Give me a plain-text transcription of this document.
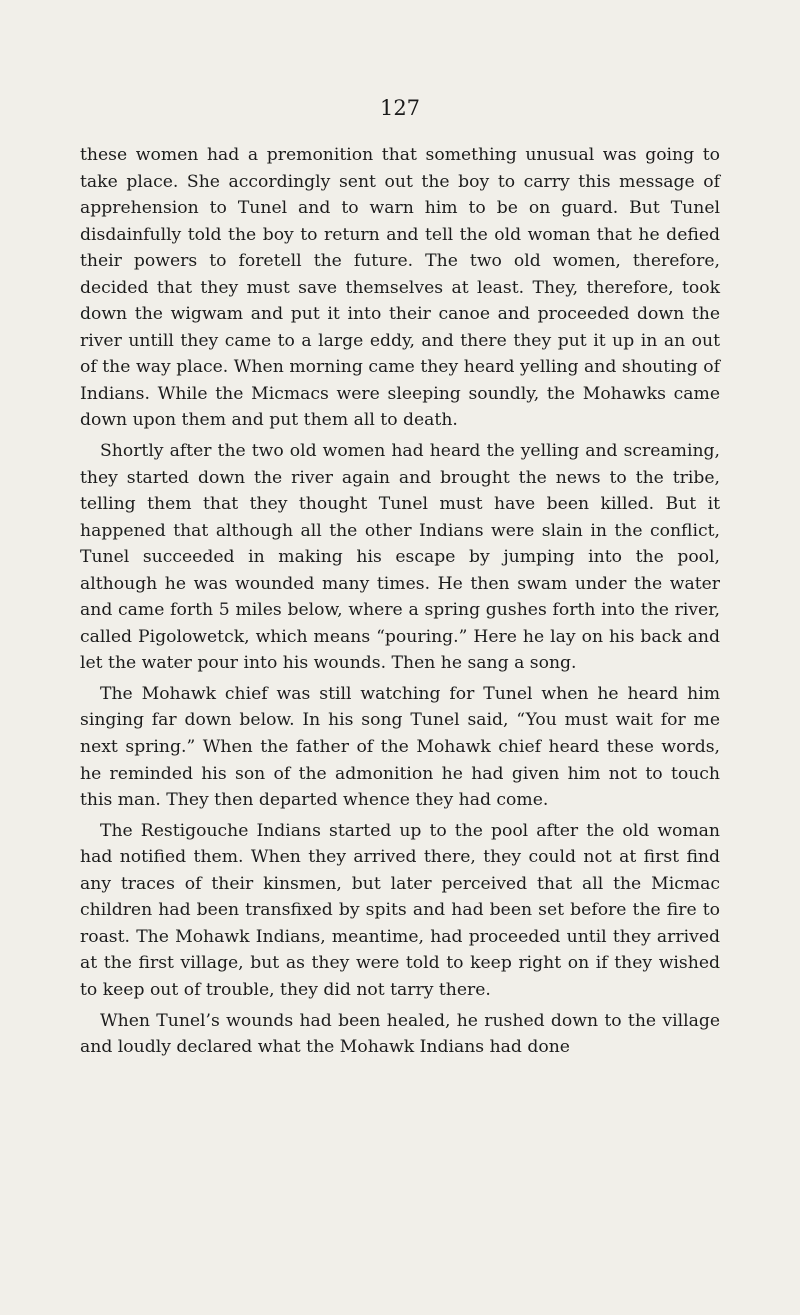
127

these women had a premonition that something unusual was going to take place. She accordingly sent out the boy to carry this message of apprehension to Tunel and to warn him to be on guard. But Tunel disdainfully told the boy to return and tell the old woman that he defied their powers to foretell the future. The two old women, therefore, decided that they must save themselves at least. They, therefore, took down the wigwam and put it into their canoe and proceeded down the river untill they came to a large eddy, and there they put it up in an out of the way place. When morning came they heard yelling and shouting of Indians. While the Micmacs were sleeping soundly, the Mohawks came down upon them and put them all to death.

Shortly after the two old women had heard the yelling and screaming, they started down the river again and brought the news to the tribe, telling them that they thought Tunel must have been killed. But it happened that although all the other Indians were slain in the conflict, Tunel succeeded in making his escape by jumping into the pool, although he was wounded many times. He then swam under the water and came forth 5 miles below, where a spring gushes forth into the river, called Pigolowetck, which means “pouring.” Here he lay on his back and let the water pour into his wounds. Then he sang a song.

The Mohawk chief was still watching for Tunel when he heard him singing far down below. In his song Tunel said, “You must wait for me next spring.” When the father of the Mohawk chief heard these words, he reminded his son of the admonition he had given him not to touch this man. They then departed whence they had come.

The Restigouche Indians started up to the pool after the old woman had notified them. When they arrived there, they could not at first find any traces of their kinsmen, but later perceived that all the Micmac children had been transfixed by spits and had been set before the fire to roast. The Mohawk Indians, meantime, had proceeded until they arrived at the first village, but as they were told to keep right on if they wished to keep out of trouble, they did not tarry there.

When Tunel’s wounds had been healed, he rushed down to the village and loudly declared what the Mohawk Indians had done
